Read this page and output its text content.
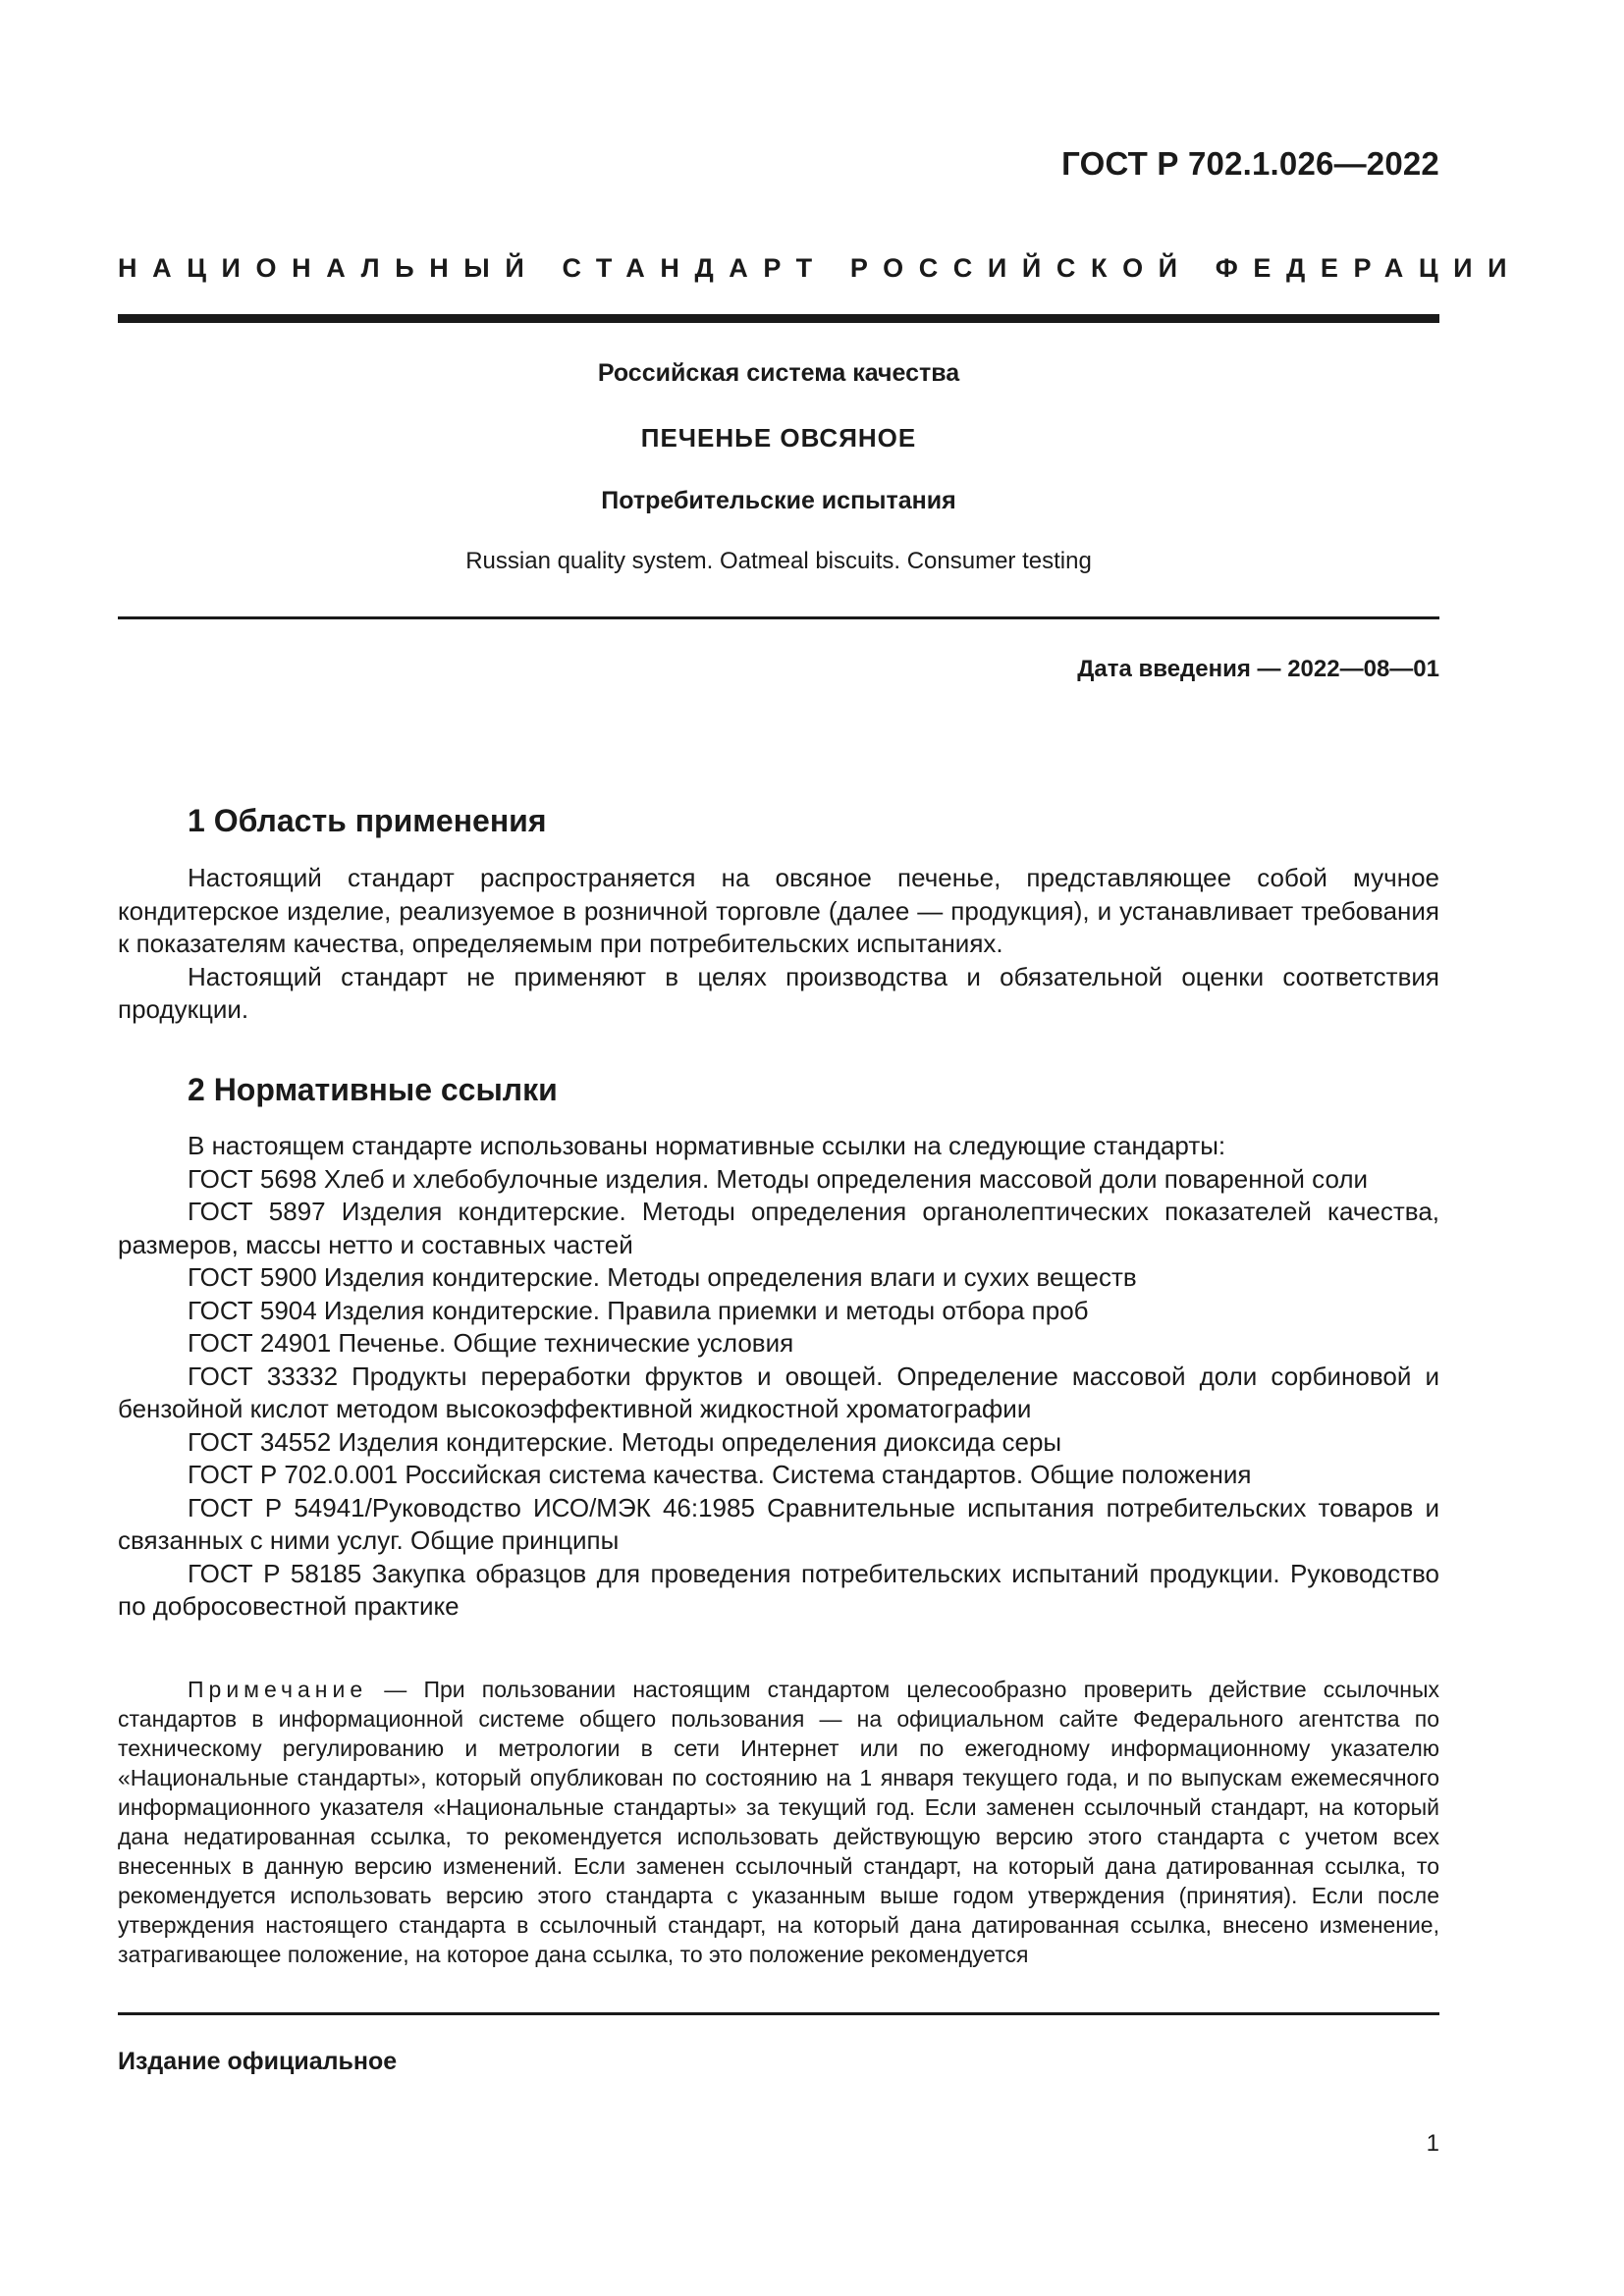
ГОСТ Р 702.1.026—2022
НАЦИОНАЛЬНЫЙ СТАНДАРТ РОССИЙСКОЙ ФЕДЕРАЦИИ
Российская система качества
ПЕЧЕНЬЕ ОВСЯНОЕ
Потребительские испытания
Russian quality system. Oatmeal biscuits. Consumer testing
Дата введения — 2022—08—01
1 Область применения

Настоящий стандарт распространяется на овсяное печенье, представляющее собой мучное кондитерское изделие, реализуемое в розничной торговле (далее — продукция), и устанавливает требования к показателям качества, определяемым при потребительских испытаниях.

Настоящий стандарт не применяют в целях производства и обязательной оценки соответствия продукции.

2 Нормативные ссылки

В настоящем стандарте использованы нормативные ссылки на следующие стандарты:

ГОСТ 5698 Хлеб и хлебобулочные изделия. Методы определения массовой доли поваренной соли

ГОСТ 5897 Изделия кондитерские. Методы определения органолептических показателей качества, размеров, массы нетто и составных частей

ГОСТ 5900 Изделия кондитерские. Методы определения влаги и сухих веществ

ГОСТ 5904 Изделия кондитерские. Правила приемки и методы отбора проб

ГОСТ 24901 Печенье. Общие технические условия

ГОСТ 33332 Продукты переработки фруктов и овощей. Определение массовой доли сорбиновой и бензойной кислот методом высокоэффективной жидкостной хроматографии

ГОСТ 34552 Изделия кондитерские. Методы определения диоксида серы

ГОСТ Р 702.0.001 Российская система качества. Система стандартов. Общие положения

ГОСТ Р 54941/Руководство ИСО/МЭК 46:1985 Сравнительные испытания потребительских товаров и связанных с ними услуг. Общие принципы

ГОСТ Р 58185 Закупка образцов для проведения потребительских испытаний продукции. Руководство по добросовестной практике

Примечание — При пользовании настоящим стандартом целесообразно проверить действие ссылочных стандартов в информационной системе общего пользования — на официальном сайте Федерального агентства по техническому регулированию и метрологии в сети Интернет или по ежегодному информационному указателю «Национальные стандарты», который опубликован по состоянию на 1 января текущего года, и по выпускам ежемесячного информационного указателя «Национальные стандарты» за текущий год. Если заменен ссылочный стандарт, на который дана недатированная ссылка, то рекомендуется использовать действующую версию этого стандарта с учетом всех внесенных в данную версию изменений. Если заменен ссылочный стандарт, на который дана датированная ссылка, то рекомендуется использовать версию этого стандарта с указанным выше годом утверждения (принятия). Если после утверждения настоящего стандарта в ссылочный стандарт, на который дана датированная ссылка, внесено изменение, затрагивающее положение, на которое дана ссылка, то это положение рекомендуется

Издание официальное
1
